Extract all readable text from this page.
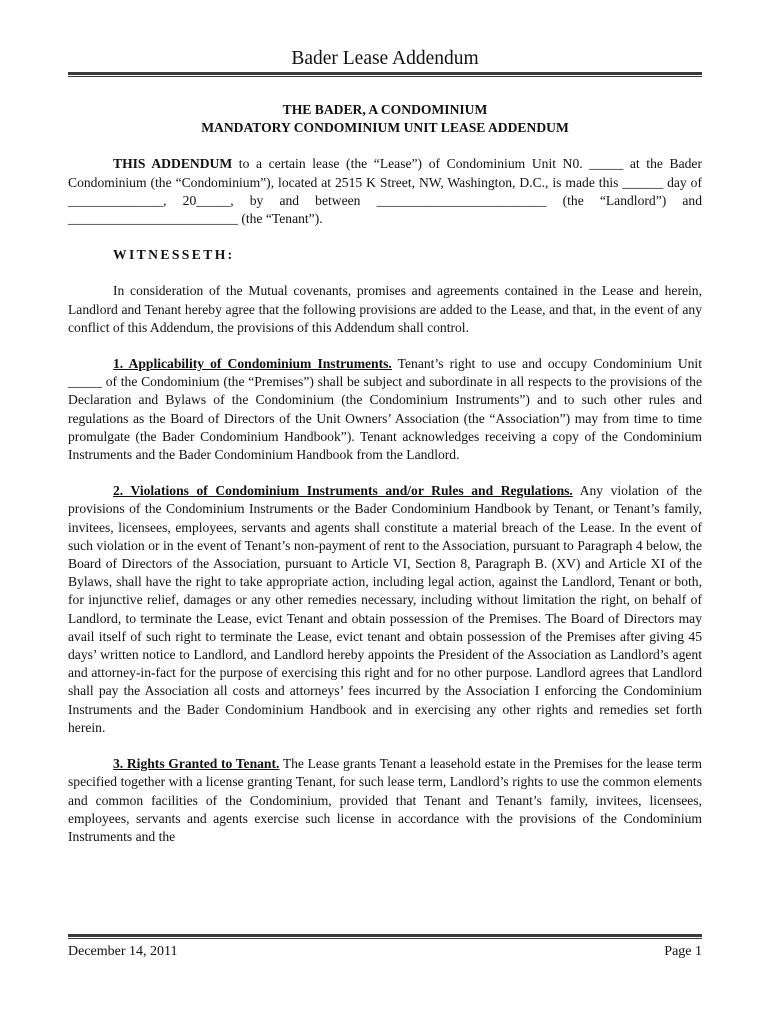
Bader Lease Addendum

THE BADER, A CONDOMINIUM

MANDATORY CONDOMINIUM UNIT LEASE ADDENDUM

THIS ADDENDUM to a certain lease (the “Lease”) of Condominium Unit N0. _____ at the Bader Condominium (the “Condominium”), located at 2515 K Street, NW, Washington, D.C., is made this ______ day of ______________, 20_____, by and between _________________________ (the “Landlord”) and _________________________ (the “Tenant”).

WITNESSETH:

In consideration of the Mutual covenants, promises and agreements contained in the Lease and herein, Landlord and Tenant hereby agree that the following provisions are added to the Lease, and that, in the event of any conflict of this Addendum, the provisions of this Addendum shall control.

1. Applicability of Condominium Instruments. Tenant’s right to use and occupy Condominium Unit _____ of the Condominium (the “Premises”) shall be subject and subordinate in all respects to the provisions of the Declaration and Bylaws of the Condominium (the Condominium Instruments”) and to such other rules and regulations as the Board of Directors of the Unit Owners’ Association (the “Association”) may from time to time promulgate (the Bader Condominium Handbook”). Tenant acknowledges receiving a copy of the Condominium Instruments and the Bader Condominium Handbook from the Landlord.

2. Violations of Condominium Instruments and/or Rules and Regulations. Any violation of the provisions of the Condominium Instruments or the Bader Condominium Handbook by Tenant, or Tenant’s family, invitees, licensees, employees, servants and agents shall constitute a material breach of the Lease. In the event of such violation or in the event of Tenant’s non-payment of rent to the Association, pursuant to Paragraph 4 below, the Board of Directors of the Association, pursuant to Article VI, Section 8, Paragraph B. (XV) and Article XI of the Bylaws, shall have the right to take appropriate action, including legal action, against the Landlord, Tenant or both, for injunctive relief, damages or any other remedies necessary, including without limitation the right, on behalf of Landlord, to terminate the Lease, evict Tenant and obtain possession of the Premises. The Board of Directors may avail itself of such right to terminate the Lease, evict tenant and obtain possession of the Premises after giving 45 days’ written notice to Landlord, and Landlord hereby appoints the President of the Association as Landlord’s agent and attorney-in-fact for the purpose of exercising this right and for no other purpose. Landlord agrees that Landlord shall pay the Association all costs and attorneys’ fees incurred by the Association I enforcing the Condominium Instruments and the Bader Condominium Handbook and in exercising any other rights and remedies set forth herein.

3. Rights Granted to Tenant. The Lease grants Tenant a leasehold estate in the Premises for the lease term specified together with a license granting Tenant, for such lease term, Landlord’s rights to use the common elements and common facilities of the Condominium, provided that Tenant and Tenant’s family, invitees, licensees, employees, servants and agents exercise such license in accordance with the provisions of the Condominium Instruments and the

December 14, 2011	Page 1
